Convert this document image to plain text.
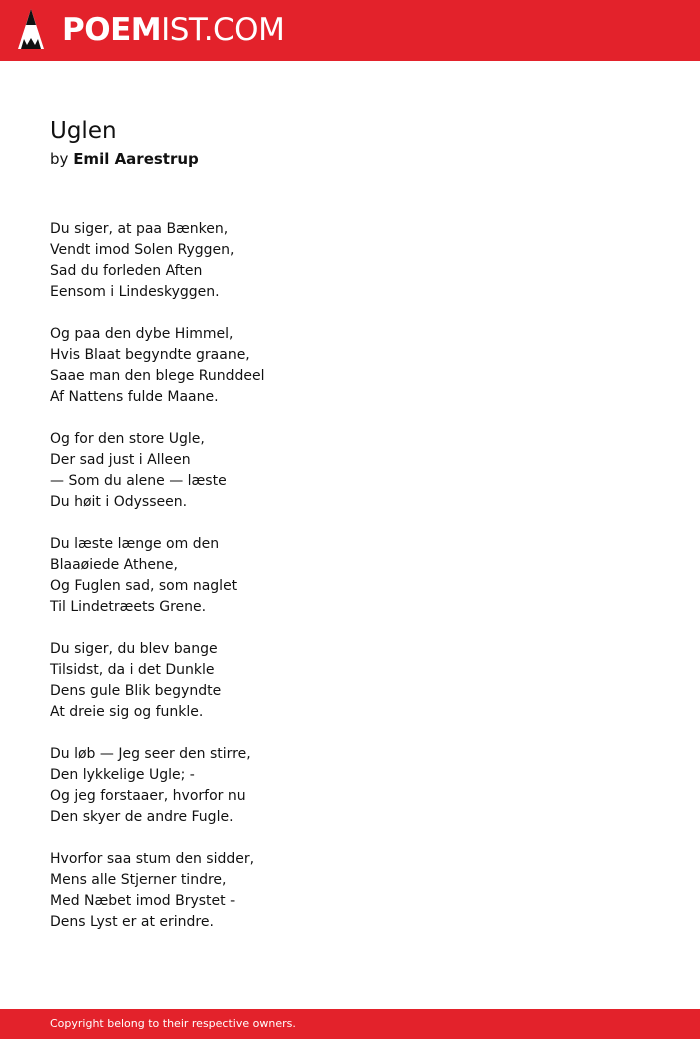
POEMIST.COM
Uglen

by Emil Aarestrup

Du siger, at paa Bænken,
Vendt imod Solen Ryggen,
Sad du forleden Aften
Eensom i Lindeskyggen.
Og paa den dybe Himmel,
Hvis Blaat begyndte graane,
Saae man den blege Runddeel
Af Nattens fulde Maane.
Og for den store Ugle,
Der sad just i Alleen
— Som du alene — læste
Du høit i Odysseen.
Du læste længe om den
Blaaøiede Athene,
Og Fuglen sad, som naglet
Til Lindetræets Grene.
Du siger, du blev bange
Tilsidst, da i det Dunkle
Dens gule Blik begyndte
At dreie sig og funkle.
Du løb — Jeg seer den stirre,
Den lykkelige Ugle; -
Og jeg forstaaer, hvorfor nu
Den skyer de andre Fugle.
Hvorfor saa stum den sidder,
Mens alle Stjerner tindre,
Med Næbet imod Brystet -
Dens Lyst er at erindre.
Copyright belong to their respective owners.
